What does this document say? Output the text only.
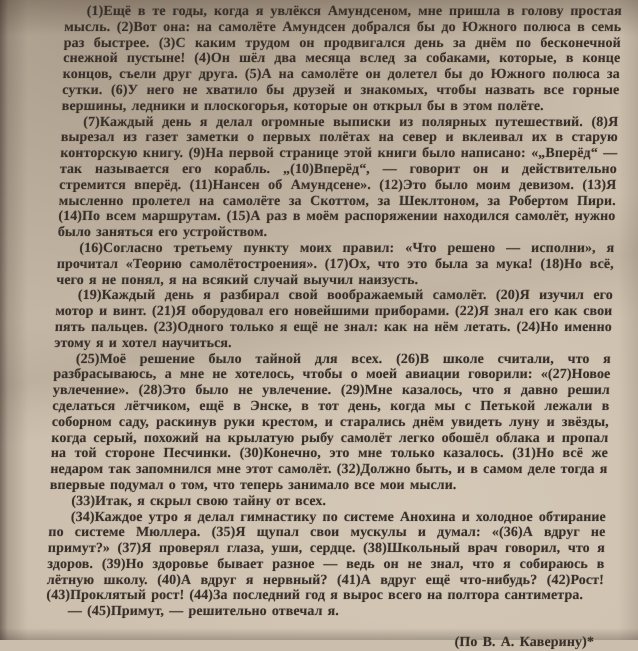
(1)Ещё в те годы, когда я увлёкся Амундсеном, мне пришла в голову простая мысль. (2)Вот она: на самолёте Амундсен добрался бы до Южного полюса в семь раз быстрее. (3)С каким трудом он продвигался день за днём по бесконечной снежной пустыне! (4)Он шёл два месяца вслед за собаками, которые, в конце концов, съели друг друга. (5)А на самолёте он долетел бы до Южного полюса за сутки. (6)У него не хватило бы друзей и знакомых, чтобы назвать все горные вершины, ледники и плоскогорья, которые он открыл бы в этом полёте.

(7)Каждый день я делал огромные выписки из полярных путешествий. (8)Я вырезал из газет заметки о первых полётах на север и вклеивал их в старую конторскую книгу. (9)На первой странице этой книги было написано: «„Вперёд“ — так называется его корабль. „(10)Вперёд“, — говорит он и действительно стремится вперёд. (11)Нансен об Амундсене». (12)Это было моим девизом. (13)Я мысленно пролетел на самолёте за Скоттом, за Шеклтоном, за Робертом Пири. (14)По всем маршрутам. (15)А раз в моём распоряжении находился самолёт, нужно было заняться его устройством.

(16)Согласно третьему пункту моих правил: «Что решено — исполни», я прочитал «Теорию самолётостроения». (17)Ох, что это была за мука! (18)Но всё, чего я не понял, я на всякий случай выучил наизусть.

(19)Каждый день я разбирал свой воображаемый самолёт. (20)Я изучил его мотор и винт. (21)Я оборудовал его новейшими приборами. (22)Я знал его как свои пять пальцев. (23)Одного только я ещё не знал: как на нём летать. (24)Но именно этому я и хотел научиться.

(25)Моё решение было тайной для всех. (26)В школе считали, что я разбрасываюсь, а мне не хотелось, чтобы о моей авиации говорили: «(27)Новое увлечение». (28)Это было не увлечение. (29)Мне казалось, что я давно решил сделаться лётчиком, ещё в Энске, в тот день, когда мы с Петькой лежали в соборном саду, раскинув руки крестом, и старались днём увидеть луну и звёзды, когда серый, похожий на крылатую рыбу самолёт легко обошёл облака и пропал на той стороне Песчинки. (30)Конечно, это мне только казалось. (31)Но всё же недаром так запомнился мне этот самолёт. (32)Должно быть, и в самом деле тогда я впервые подумал о том, что теперь занимало все мои мысли.

(33)Итак, я скрыл свою тайну от всех.

(34)Каждое утро я делал гимнастику по системе Анохина и холодное обтирание по системе Мюллера. (35)Я щупал свои мускулы и думал: «(36)А вдруг не примут?» (37)Я проверял глаза, уши, сердце. (38)Школьный врач говорил, что я здоров. (39)Но здоровье бывает разное — ведь он не знал, что я собираюсь в лётную школу. (40)А вдруг я нервный? (41)А вдруг ещё что-нибудь? (42)Рост! (43)Проклятый рост! (44)За последний год я вырос всего на полтора сантиметра.

— (45)Примут, — решительно отвечал я.

(По В. А. Каверину)*
